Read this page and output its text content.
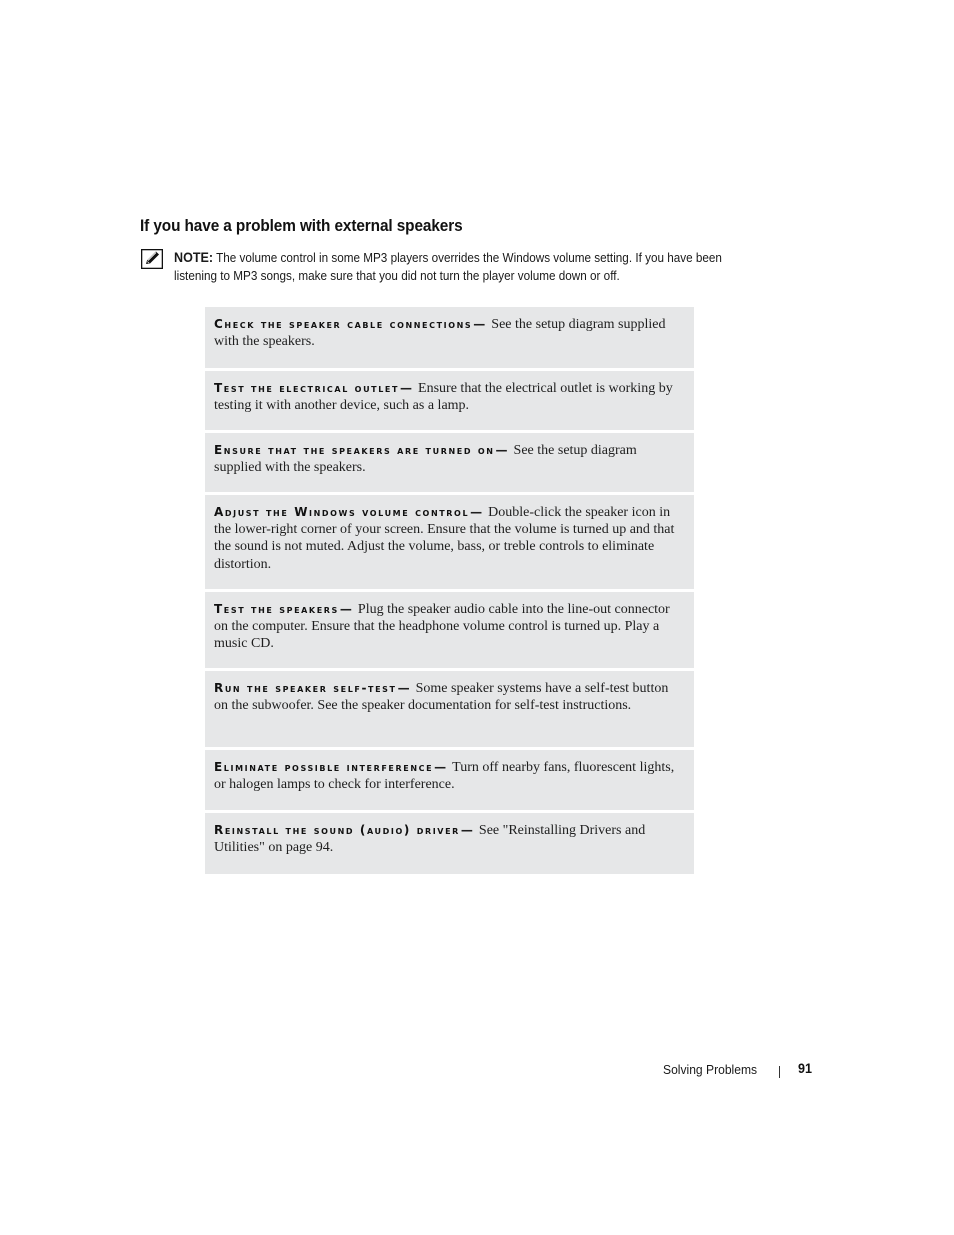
If you have a problem with external speakers
NOTE: The volume control in some MP3 players overrides the Windows volume setting. If you have been listening to MP3 songs, make sure that you did not turn the player volume down or off.
Check the speaker cable connections— See the setup diagram supplied with the speakers.
Test the electrical outlet— Ensure that the electrical outlet is working by testing it with another device, such as a lamp.
Ensure that the speakers are turned on— See the setup diagram supplied with the speakers.
Adjust the Windows volume control— Double-click the speaker icon in the lower-right corner of your screen. Ensure that the volume is turned up and that the sound is not muted. Adjust the volume, bass, or treble controls to eliminate distortion.
Test the speakers— Plug the speaker audio cable into the line-out connector on the computer. Ensure that the headphone volume control is turned up. Play a music CD.
Run the speaker self-test— Some speaker systems have a self-test button on the subwoofer. See the speaker documentation for self-test instructions.
Eliminate possible interference— Turn off nearby fans, fluorescent lights, or halogen lamps to check for interference.
Reinstall the sound (audio) driver— See "Reinstalling Drivers and Utilities" on page 94.
Solving Problems	91
